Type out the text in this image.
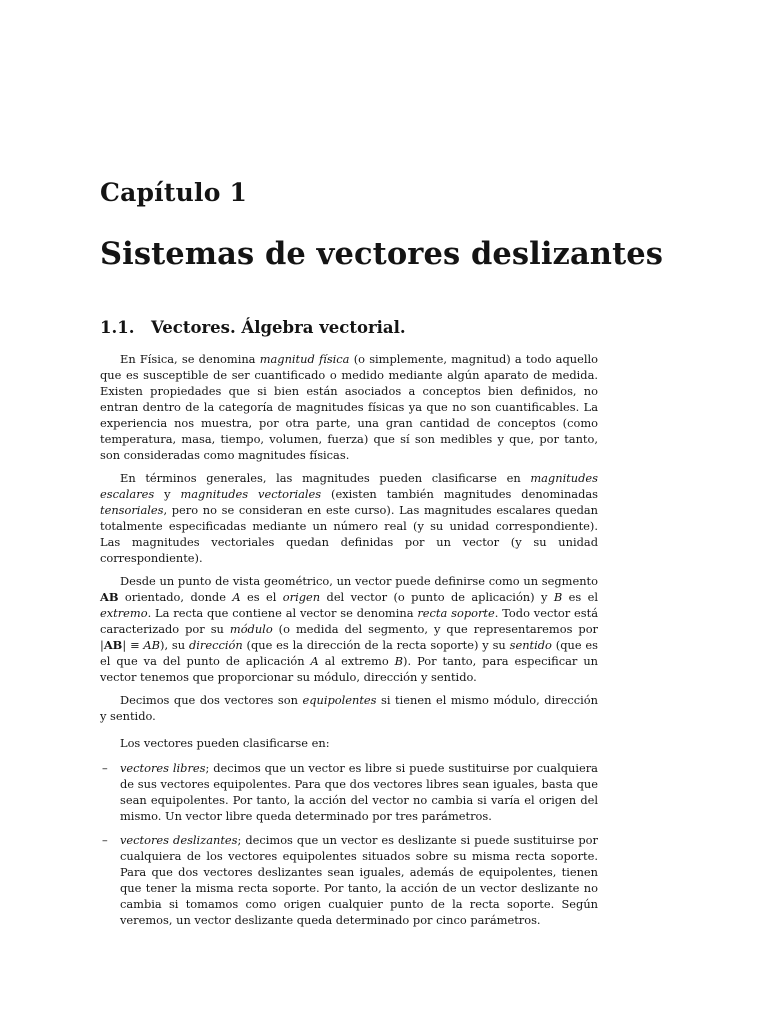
Capítulo 1
Sistemas de vectores deslizantes
1.1. Vectores. Álgebra vectorial.

En Física, se denomina magnitud física (o simplemente, magnitud) a todo aquello que es susceptible de ser cuantificado o medido mediante algún aparato de medida. Existen propiedades que si bien están asociados a conceptos bien definidos, no entran dentro de la categoría de magnitudes físicas ya que no son cuantificables. La experiencia nos muestra, por otra parte, una gran cantidad de conceptos (como temperatura, masa, tiempo, volumen, fuerza) que sí son medibles y que, por tanto, son consideradas como magnitudes físicas.

En términos generales, las magnitudes pueden clasificarse en magnitudes escalares y magnitudes vectoriales (existen también magnitudes denominadas tensoriales, pero no se consideran en este curso). Las magnitudes escalares quedan totalmente especificadas mediante un número real (y su unidad correspondiente). Las magnitudes vectoriales quedan definidas por un vector (y su unidad correspondiente).

Desde un punto de vista geométrico, un vector puede definirse como un segmento AB orientado, donde A es el origen del vector (o punto de aplicación) y B es el extremo. La recta que contiene al vector se denomina recta soporte. Todo vector está caracterizado por su módulo (o medida del segmento, y que representaremos por |AB| ≡ AB), su dirección (que es la dirección de la recta soporte) y su sentido (que es el que va del punto de aplicación A al extremo B). Por tanto, para especificar un vector tenemos que proporcionar su módulo, dirección y sentido.

Decimos que dos vectores son equipolentes si tienen el mismo módulo, dirección y sentido.

Los vectores pueden clasificarse en:

– vectores libres; decimos que un vector es libre si puede sustituirse por cualquiera de sus vectores equipolentes. Para que dos vectores libres sean iguales, basta que sean equipolentes. Por tanto, la acción del vector no cambia si varía el origen del mismo. Un vector libre queda determinado por tres parámetros.
– vectores deslizantes; decimos que un vector es deslizante si puede sustituirse por cualquiera de los vectores equipolentes situados sobre su misma recta soporte. Para que dos vectores deslizantes sean iguales, además de equipolentes, tienen que tener la misma recta soporte. Por tanto, la acción de un vector deslizante no cambia si tomamos como origen cualquier punto de la recta soporte. Según veremos, un vector deslizante queda determinado por cinco parámetros.
